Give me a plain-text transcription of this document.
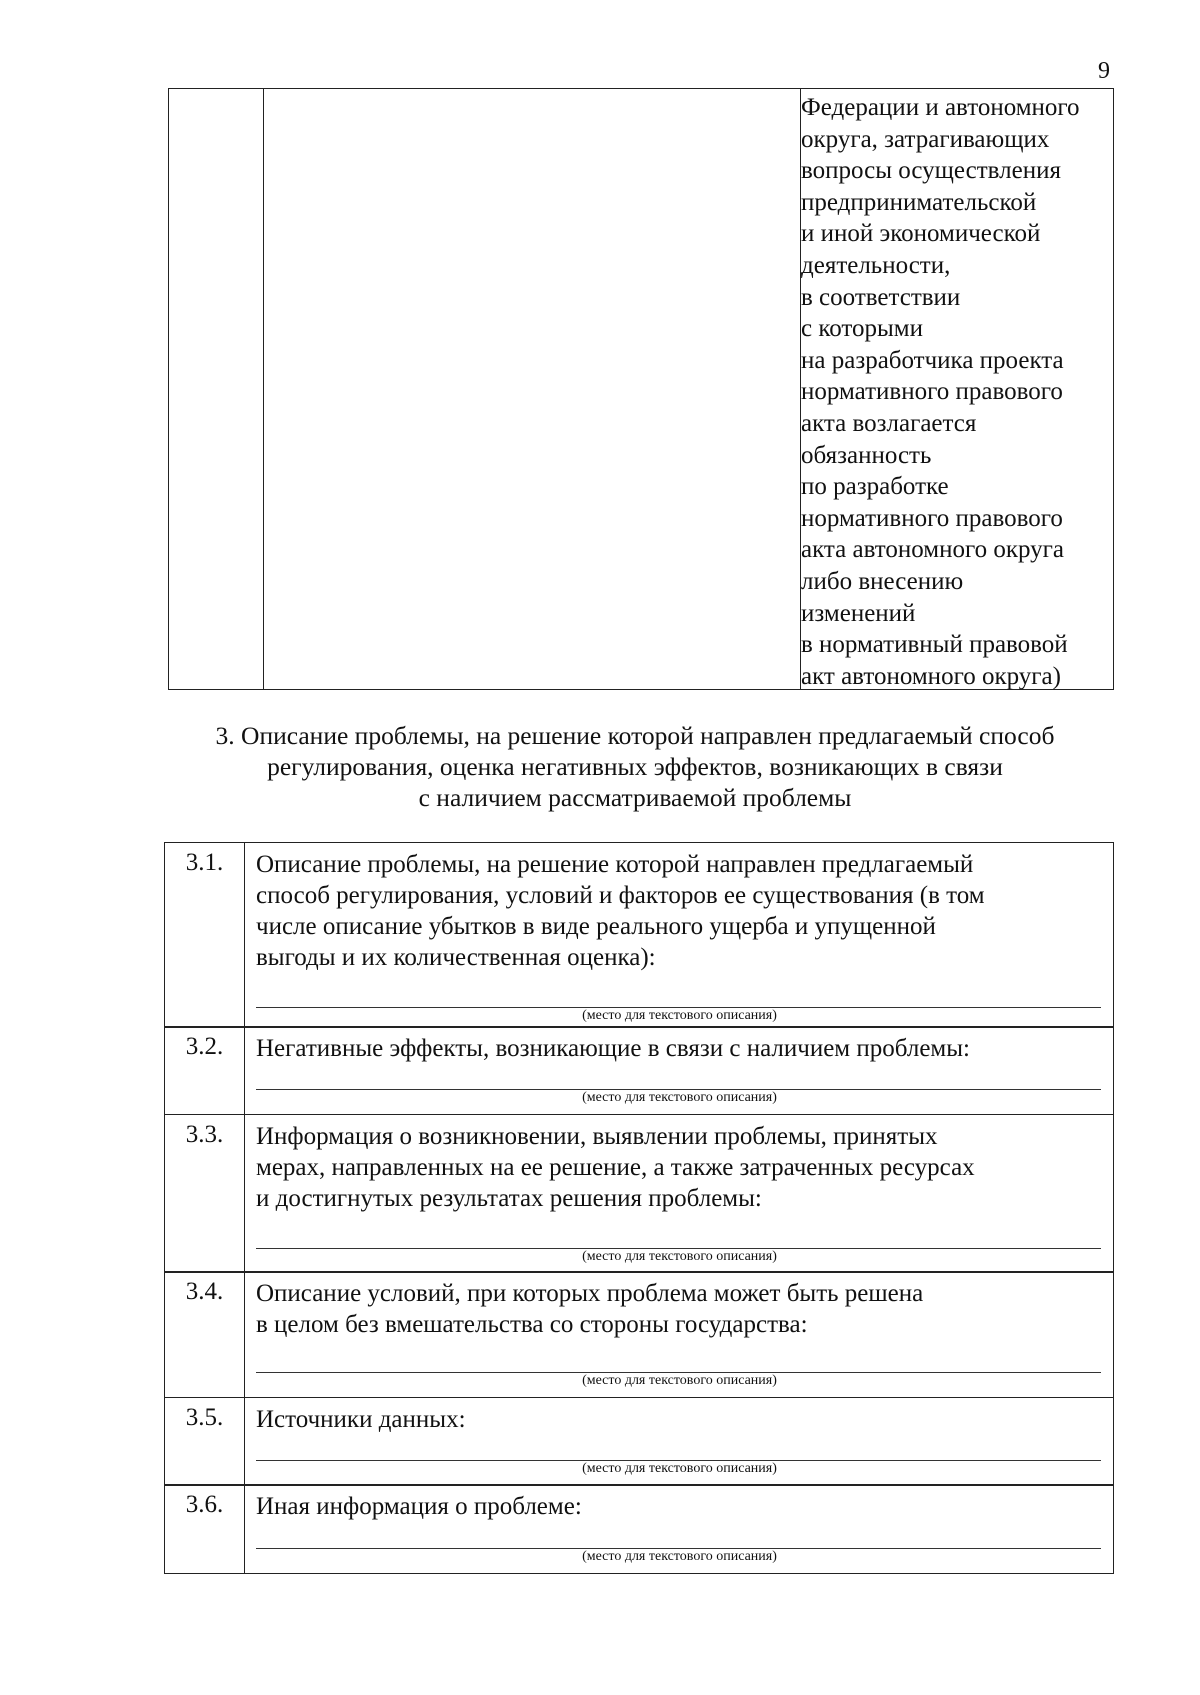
9
Федерации и автономного
округа, затрагивающих
вопросы осуществления
предпринимательской
и иной экономической
деятельности,
в соответствии
с которыми
на разработчика проекта
нормативного правового
акта возлагается
обязанность
по разработке
нормативного правового
акта автономного округа
либо внесению
изменений
в нормативный правовой
акт автономного округа)
3. Описание проблемы, на решение которой направлен предлагаемый способ
регулирования, оценка негативных эффектов, возникающих в связи
с наличием рассматриваемой проблемы
3.1.	Описание проблемы, на решение которой направлен предлагаемый
способ регулирования, условий и факторов ее существования (в том
числе описание убытков в виде реального ущерба и упущенной
выгоды и их количественная оценка):
(место для текстового описания)
3.2.	Негативные эффекты, возникающие в связи с наличием проблемы:
(место для текстового описания)
3.3.	Информация о возникновении, выявлении проблемы, принятых
мерах, направленных на ее решение, а также затраченных ресурсах
и достигнутых результатах решения проблемы:
(место для текстового описания)
3.4.	Описание условий, при которых проблема может быть решена
в целом без вмешательства со стороны государства:
(место для текстового описания)
3.5.	Источники данных:
(место для текстового описания)
3.6.	Иная информация о проблеме:
(место для текстового описания)
